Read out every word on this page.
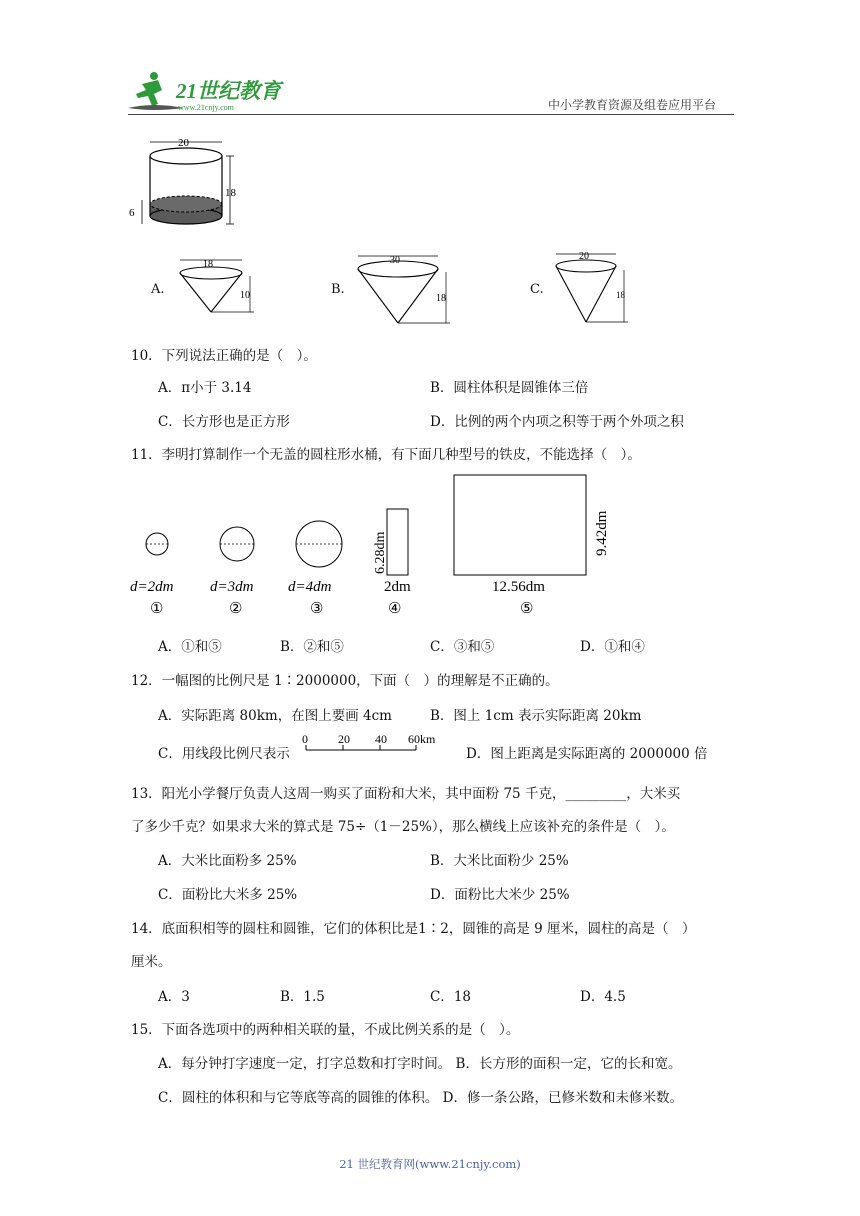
21世纪教育
www.21cnjy.com	中小学教育资源及组卷应用平台
20
18
6
A.
18
10	B.
30
18
C.
20
18
10．下列说法正确的是（　）。
A．π小于 3.14	B．圆柱体积是圆锥体三倍
C．长方形也是正方形	D．比例的两个内项之积等于两个外项之积
11．李明打算制作一个无盖的圆柱形水桶，有下面几种型号的铁皮，不能选择（　）。
d=2dm
①
d=3dm
②
d=4dm
③
6.28dm
2dm
④
9.42dm
12.56dm
⑤
A．①和⑤	B．②和⑤	C．③和⑤	D．①和④
12．一幅图的比例尺是 1∶2000000，下面（　）的理解是不正确的。
A．实际距离 80km，在图上要画 4cm	B．图上 1cm 表示实际距离 20km
C．用线段比例尺表示
0	20 40 60km
D．图上距离是实际距离的 2000000 倍
13．阳光小学餐厅负责人这周一购买了面粉和大米，其中面粉 75 千克，_________，大米买
了多少千克？如果求大米的算式是 75÷（1－25%），那么横线上应该补充的条件是（　）。
A．大米比面粉多 25%	B．大米比面粉少 25%
C．面粉比大米多 25%	D．面粉比大米少 25%
14．底面积相等的圆柱和圆锥，它们的体积比是1∶2，圆锥的高是 9 厘米，圆柱的高是（　）
厘米。
A．3	B．1.5	C．18	D．4.5
15．下面各选项中的两种相关联的量，不成比例关系的是（　）。
A．每分钟打字速度一定，打字总数和打字时间。 B．长方形的面积一定，它的长和宽。
C．圆柱的体积和与它等底等高的圆锥的体积。 D．修一条公路，已修米数和未修米数。
21 世纪教育网(www.21cnjy.com)
